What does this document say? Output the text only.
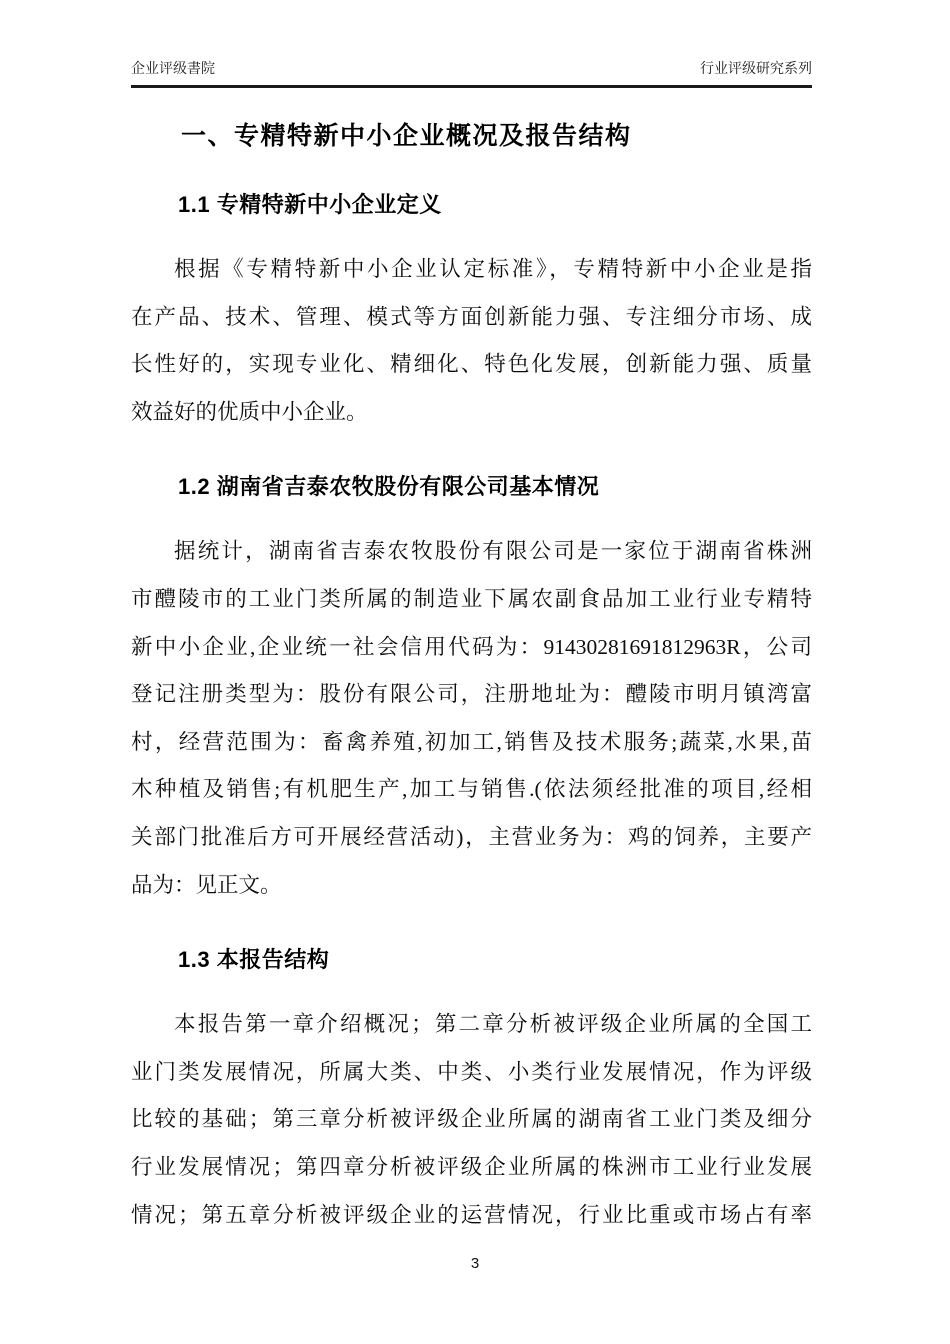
企业评级書院	行业评级研究系列
一、专精特新中小企业概况及报告结构
1.1 专精特新中小企业定义
根据《专精特新中小企业认定标准》，专精特新中小企业是指
在产品、技术、管理、模式等方面创新能力强、专注细分市场、成
长性好的，实现专业化、精细化、特色化发展，创新能力强、质量
效益好的优质中小企业。
1.2 湖南省吉泰农牧股份有限公司基本情况
据统计，湖南省吉泰农牧股份有限公司是一家位于湖南省株洲
市醴陵市的工业门类所属的制造业下属农副食品加工业行业专精特
新中小企业,企业统一社会信用代码为：91430281691812963R，公司
登记注册类型为：股份有限公司，注册地址为：醴陵市明月镇湾富
村，经营范围为：畜禽养殖,初加工,销售及技术服务;蔬菜,水果,苗
木种植及销售;有机肥生产,加工与销售.(依法须经批准的项目,经相
关部门批准后方可开展经营活动)，主营业务为：鸡的饲养，主要产
品为：见正文。
1.3 本报告结构
本报告第一章介绍概况；第二章分析被评级企业所属的全国工
业门类发展情况，所属大类、中类、小类行业发展情况，作为评级
比较的基础；第三章分析被评级企业所属的湖南省工业门类及细分
行业发展情况；第四章分析被评级企业所属的株洲市工业行业发展
情况；第五章分析被评级企业的运营情况，行业比重或市场占有率
3
